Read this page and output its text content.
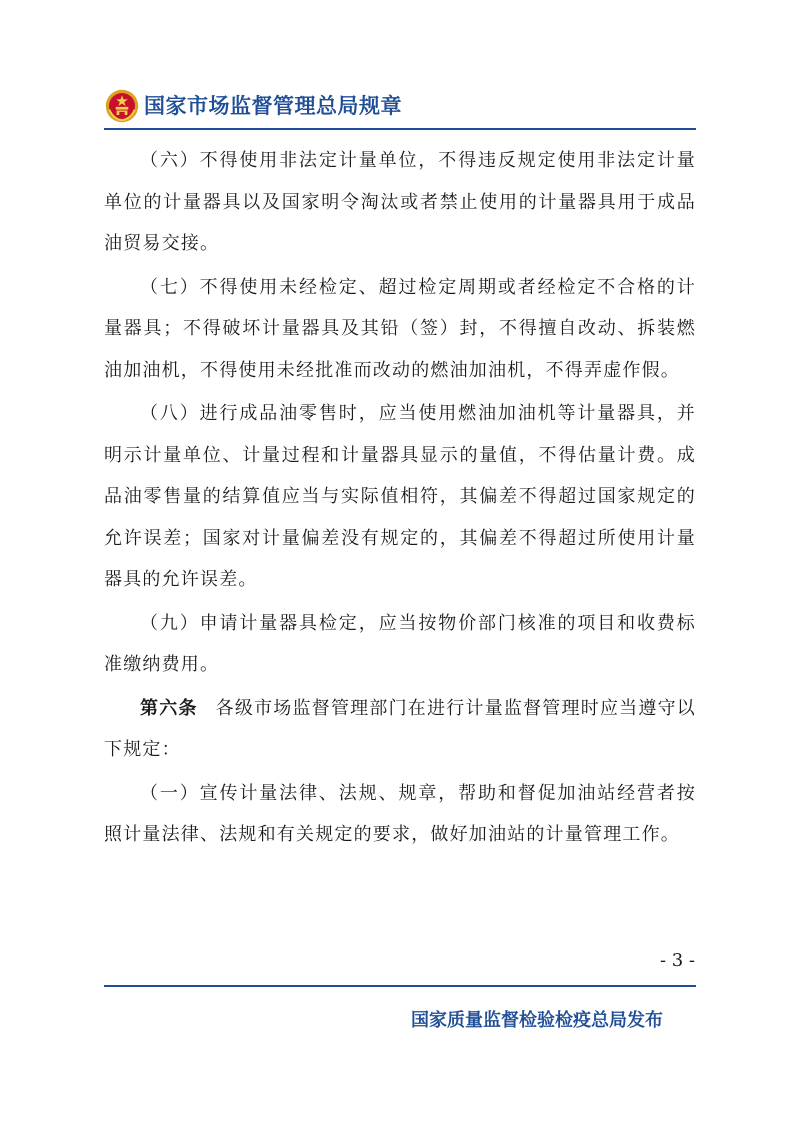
国家市场监督管理总局规章

（六）不得使用非法定计量单位，不得违反规定使用非法定计量单位的计量器具以及国家明令淘汰或者禁止使用的计量器具用于成品油贸易交接。

（七）不得使用未经检定、超过检定周期或者经检定不合格的计量器具；不得破坏计量器具及其铅（签）封，不得擅自改动、拆装燃油加油机，不得使用未经批准而改动的燃油加油机，不得弄虚作假。

（八）进行成品油零售时，应当使用燃油加油机等计量器具，并明示计量单位、计量过程和计量器具显示的量值，不得估量计费。成品油零售量的结算值应当与实际值相符，其偏差不得超过国家规定的允许误差；国家对计量偏差没有规定的，其偏差不得超过所使用计量器具的允许误差。

（九）申请计量器具检定，应当按物价部门核准的项目和收费标准缴纳费用。

第六条 各级市场监督管理部门在进行计量监督管理时应当遵守以下规定：

（一）宣传计量法律、法规、规章，帮助和督促加油站经营者按照计量法律、法规和有关规定的要求，做好加油站的计量管理工作。

- 3 -
国家质量监督检验检疫总局发布
